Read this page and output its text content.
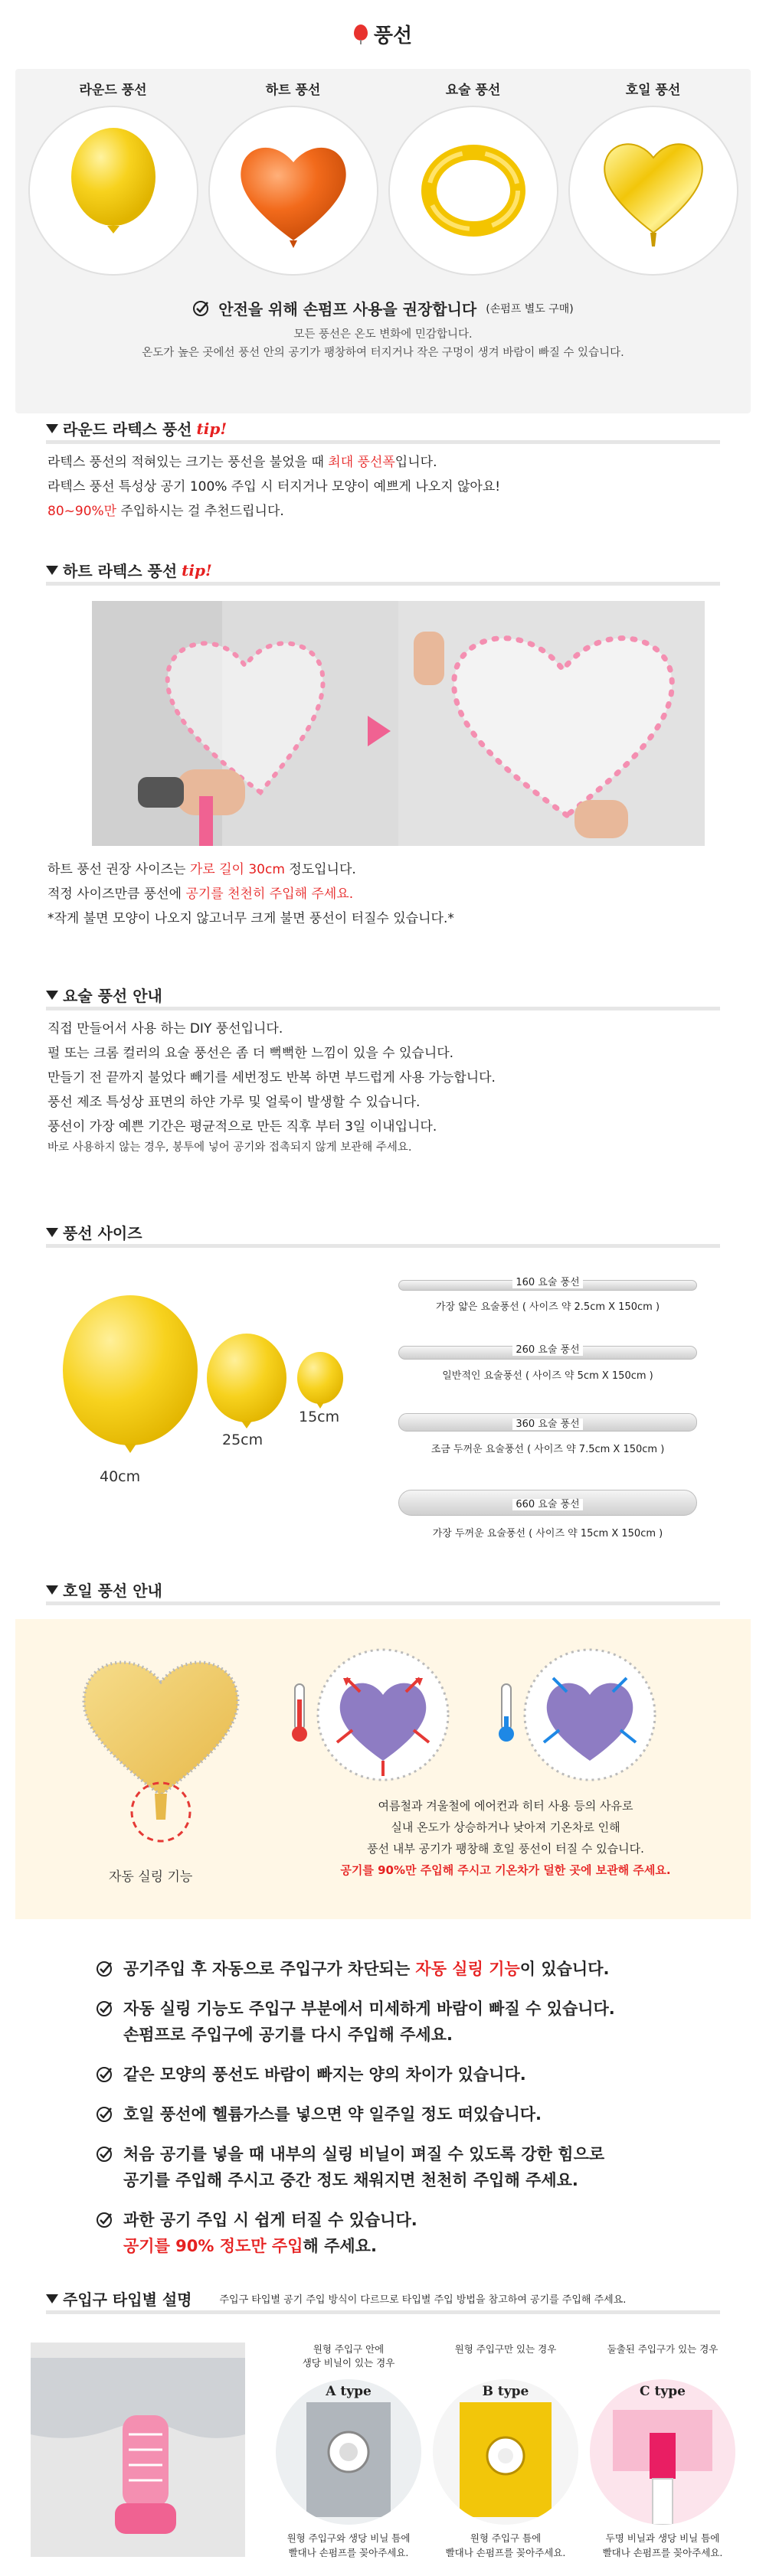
풍선
라운드 풍선	하트 풍선	요술 풍선	호일 풍선
안전을 위해 손펌프 사용을 권장합니다 (손펌프 별도 구매)
모든 풍선은 온도 변화에 민감합니다.
온도가 높은 곳에선 풍선 안의 공기가 팽창하여 터지거나 작은 구멍이 생겨 바람이 빠질 수 있습니다.
라운드 라텍스 풍선 tip!
라텍스 풍선의 적혀있는 크기는 풍선을 불었을 때 최대 풍선폭입니다.
라텍스 풍선 특성상 공기 100% 주입 시 터지거나 모양이 예쁘게 나오지 않아요!
80~90%만 주입하시는 걸 추천드립니다.
하트 라텍스 풍선 tip!
하트 풍선 권장 사이즈는 가로 길이 30cm 정도입니다.
적정 사이즈만큼 풍선에 공기를 천천히 주입해 주세요.
*작게 불면 모양이 나오지 않고너무 크게 불면 풍선이 터질수 있습니다.*
요술 풍선 안내
직접 만들어서 사용 하는 DIY 풍선입니다.
펄 또는 크롬 컬러의 요술 풍선은 좀 더 뻑뻑한 느낌이 있을 수 있습니다.
만들기 전 끝까지 불었다 빼기를 세번정도 반복 하면 부드럽게 사용 가능합니다.
풍선 제조 특성상 표면의 하얀 가루 및 얼룩이 발생할 수 있습니다.
풍선이 가장 예쁜 기간은 평균적으로 만든 직후 부터 3일 이내입니다.
바로 사용하지 않는 경우, 봉투에 넣어 공기와 접촉되지 않게 보관해 주세요.
풍선 사이즈
40cm
25cm
15cm
160 요술 풍선
가장 얇은 요술풍선 ( 사이즈 약 2.5cm X 150cm )
260 요술 풍선
일반적인 요술풍선 ( 사이즈 약 5cm X 150cm )
360 요술 풍선
조금 두꺼운 요술풍선 ( 사이즈 약 7.5cm X 150cm )
660 요술 풍선
가장 두꺼운 요술풍선 ( 사이즈 약 15cm X 150cm )
호일 풍선 안내
자동 실링 기능
여름철과 겨울철에 에어컨과 히터 사용 등의 사유로
실내 온도가 상승하거나 낮아져 기온차로 인해
풍선 내부 공기가 팽창해 호일 풍선이 터질 수 있습니다.
공기를 90%만 주입해 주시고 기온차가 덜한 곳에 보관해 주세요.
공기주입 후 자동으로 주입구가 차단되는 자동 실링 기능이 있습니다.
자동 실링 기능도 주입구 부분에서 미세하게 바람이 빠질 수 있습니다.
손펌프로 주입구에 공기를 다시 주입해 주세요.
같은 모양의 풍선도 바람이 빠지는 양의 차이가 있습니다.
호일 풍선에 헬륨가스를 넣으면 약 일주일 정도 떠있습니다.
처음 공기를 넣을 때 내부의 실링 비닐이 펴질 수 있도록 강한 힘으로
공기를 주입해 주시고 중간 정도 채워지면 천천히 주입해 주세요.
과한 공기 주입 시 쉽게 터질 수 있습니다.
공기를 90% 정도만 주입해 주세요.
주입구 타입별 설명	주입구 타입별 공기 주입 방식이 다르므로 타입별 주입 방법을 참고하여 공기를 주입해 주세요.
원형 주입구 안에
생당 비닐이 있는 경우
A type
원형 주입구와 생당 비닐 틈에
빨대나 손펌프를 꽂아주세요.
원형 주입구만 있는 경우
B type
원형 주입구 틈에
빨대나 손펌프를 꽂아주세요.
둘출된 주입구가 있는 경우
C type
두명 비닐과 생당 비닐 틈에
빨대나 손펌프를 꽂아주세요.
